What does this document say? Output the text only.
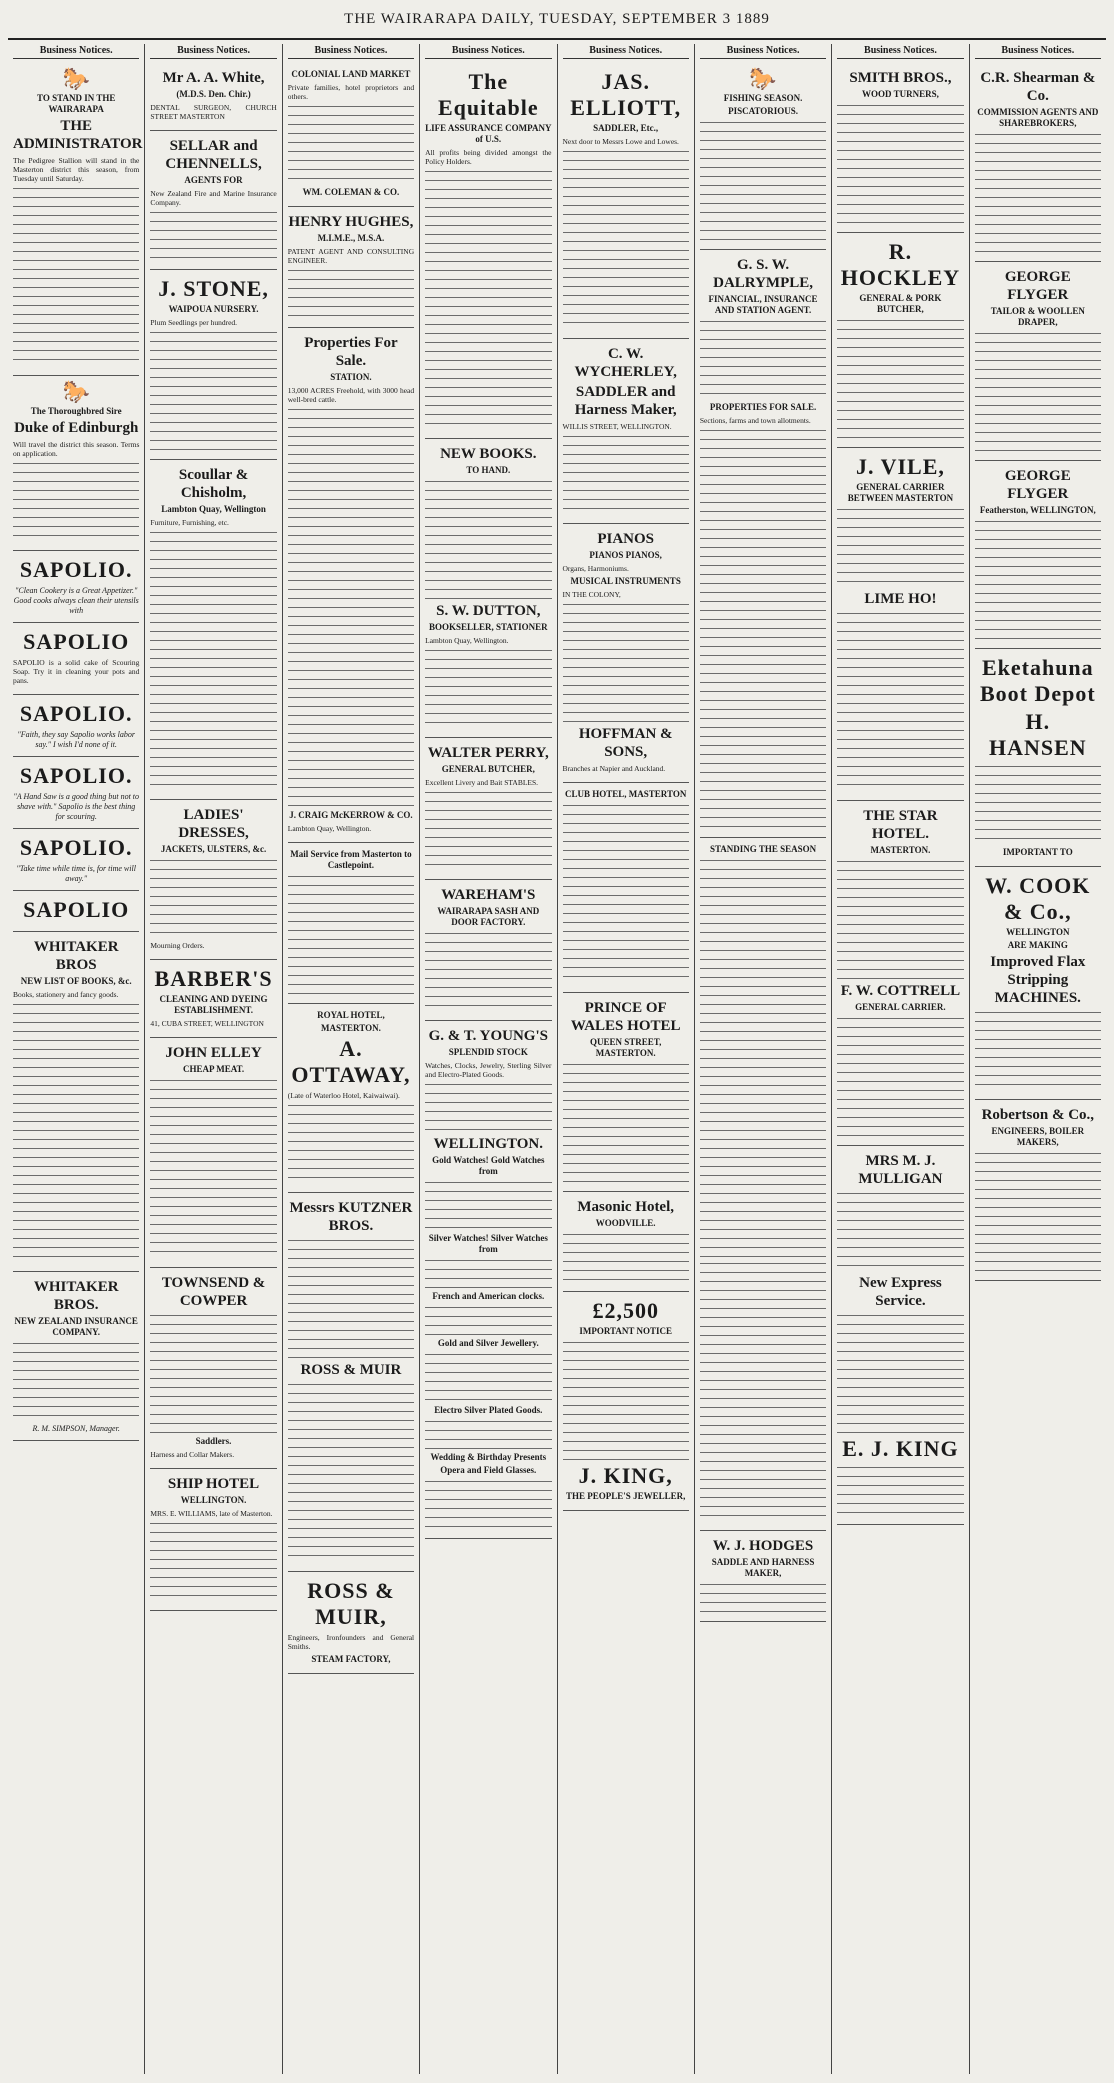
THE WAIRARAPA DAILY, TUESDAY, SEPTEMBER 3 1889
Business Notices.
🐎
TO STAND IN THE WAIRARAPA
THE ADMINISTRATOR
The Pedigree Stallion will stand in the Masterton district this season, from Tuesday until Saturday.
🐎
The Thoroughbred Sire
Duke of Edinburgh
Will travel the district this season. Terms on application.
SAPOLIO.
"Clean Cookery is a Great Appetizer." Good cooks always clean their utensils with
SAPOLIO
SAPOLIO is a solid cake of Scouring Soap. Try it in cleaning your pots and pans.
SAPOLIO.
"Faith, they say Sapolio works labor say." I wish I'd none of it.
SAPOLIO.
"A Hand Saw is a good thing but not to shave with." Sapolio is the best thing for scouring.
SAPOLIO.
"Take time while time is, for time will away."
SAPOLIO
WHITAKER BROS
NEW LIST OF BOOKS, &c.
Books, stationery and fancy goods.
WHITAKER BROS.
NEW ZEALAND INSURANCE COMPANY.
R. M. SIMPSON, Manager.
Business Notices.
Mr A. A. White,
(M.D.S. Den. Chir.)
DENTAL SURGEON, CHURCH STREET MASTERTON
SELLAR and CHENNELLS,
AGENTS FOR
New Zealand Fire and Marine Insurance Company.
J. STONE,
WAIPOUA NURSERY.
Plum Seedlings per hundred.
Scoullar & Chisholm,
Lambton Quay, Wellington
Furniture, Furnishing, etc.
LADIES' DRESSES,
JACKETS, ULSTERS, &c.
Mourning Orders.
BARBER'S
CLEANING AND DYEING ESTABLISHMENT.
41, CUBA STREET, WELLINGTON
JOHN ELLEY
CHEAP MEAT.
TOWNSEND & COWPER
Saddlers.
Harness and Collar Makers.
SHIP HOTEL
WELLINGTON.
MRS. E. WILLIAMS, late of Masterton.
Business Notices.
COLONIAL LAND MARKET
Private families, hotel proprietors and others.
WM. COLEMAN & CO.
HENRY HUGHES,
M.I.M.E., M.S.A.
PATENT AGENT AND CONSULTING ENGINEER.
Properties For Sale.
STATION.
13,000 ACRES Freehold, with 3000 head well-bred cattle.
J. CRAIG McKERROW & CO.
Lambton Quay, Wellington.
Mail Service from Masterton to Castlepoint.
ROYAL HOTEL,
MASTERTON.
A. OTTAWAY,
(Late of Waterloo Hotel, Kaiwaiwai).
Messrs KUTZNER BROS.
ROSS & MUIR
ROSS & MUIR,
Engineers, Ironfounders and General Smiths.
STEAM FACTORY,
Business Notices.
The Equitable
LIFE ASSURANCE COMPANY of U.S.
All profits being divided amongst the Policy Holders.
NEW BOOKS.
TO HAND.
S. W. DUTTON,
BOOKSELLER, STATIONER
Lambton Quay, Wellington.
WALTER PERRY,
GENERAL BUTCHER,
Excellent Livery and Bait STABLES.
WAREHAM'S
WAIRARAPA SASH AND DOOR FACTORY.
G. & T. YOUNG'S
SPLENDID STOCK
Watches, Clocks, Jewelry, Sterling Silver and Electro-Plated Goods.
WELLINGTON.
Gold Watches! Gold Watches from
Silver Watches! Silver Watches from
French and American clocks.
Gold and Silver Jewellery.
Electro Silver Plated Goods.
Wedding & Birthday Presents
Opera and Field Glasses.
Business Notices.
JAS. ELLIOTT,
SADDLER, Etc.,
Next door to Messrs Lowe and Lowes.
C. W. WYCHERLEY,
SADDLER and Harness Maker,
WILLIS STREET, WELLINGTON.
PIANOS
PIANOS PIANOS,
Organs, Harmoniums.
MUSICAL INSTRUMENTS
IN THE COLONY,
HOFFMAN & SONS,
Branches at Napier and Auckland.
CLUB HOTEL, MASTERTON
PRINCE OF WALES HOTEL
QUEEN STREET, MASTERTON.
Masonic Hotel,
WOODVILLE.
£2,500
IMPORTANT NOTICE
J. KING,
THE PEOPLE'S JEWELLER,
Business Notices.
🐎
FISHING SEASON.
PISCATORIOUS.
G. S. W. DALRYMPLE,
FINANCIAL, INSURANCE AND STATION AGENT.
PROPERTIES FOR SALE.
Sections, farms and town allotments.
STANDING THE SEASON
W. J. HODGES
SADDLE AND HARNESS MAKER,
Business Notices.
SMITH BROS.,
WOOD TURNERS,
R. HOCKLEY
GENERAL & PORK BUTCHER,
J. VILE,
GENERAL CARRIER BETWEEN MASTERTON
LIME HO!
THE STAR HOTEL.
MASTERTON.
F. W. COTTRELL
GENERAL CARRIER.
MRS M. J. MULLIGAN
New Express Service.
E. J. KING
Business Notices.
C.R. Shearman & Co.
COMMISSION AGENTS AND SHAREBROKERS,
GEORGE FLYGER
TAILOR & WOOLLEN DRAPER,
GEORGE FLYGER
Featherston, WELLINGTON,
Eketahuna Boot Depot
H. HANSEN
IMPORTANT TO
W. COOK & Co.,
WELLINGTON
ARE MAKING
Improved Flax Stripping MACHINES.
Robertson & Co.,
ENGINEERS, BOILER MAKERS,
